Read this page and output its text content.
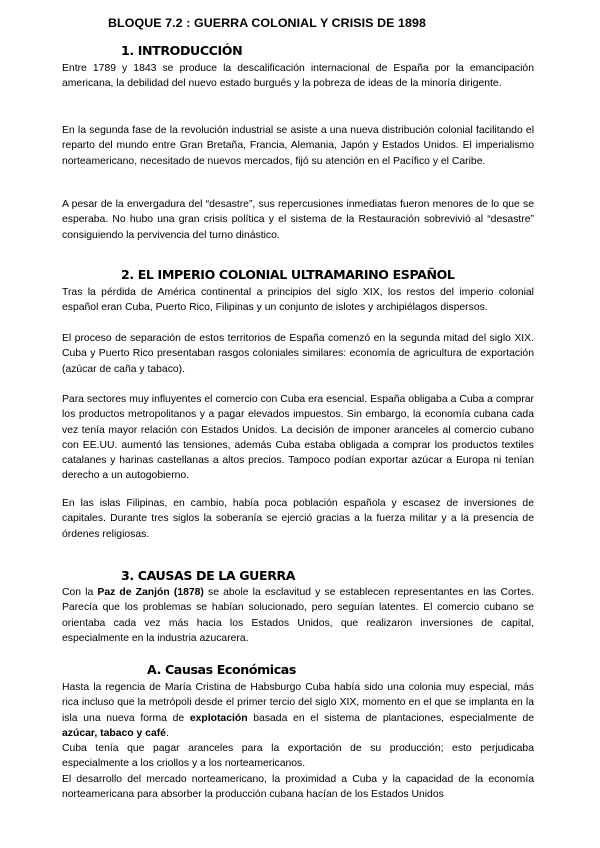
BLOQUE 7.2 : GUERRA COLONIAL Y CRISIS DE 1898
1. INTRODUCCIÓN

Entre 1789 y 1843 se produce la descalificación internacional de España por la emancipación americana, la debilidad del nuevo estado burgués y la pobreza de ideas de la minoría dirigente.

En la segunda fase de la revolución industrial se asiste a una nueva distribución colonial facilitando el reparto del mundo entre Gran Bretaña, Francia, Alemania, Japón y Estados Unidos. El imperialismo norteamericano, necesitado de nuevos mercados, fijó su atención en el Pacífico y el Caribe.

A pesar de la envergadura del “desastre”, sus repercusiones inmediatas fueron menores de lo que se esperaba. No hubo una gran crisis política y el sistema de la Restauración sobrevivió al “desastre” consiguiendo la pervivencia del turno dinástico.

2. EL IMPERIO COLONIAL ULTRAMARINO ESPAÑOL

Tras la pérdida de América continental a principios del siglo XIX, los restos del imperio colonial español eran Cuba, Puerto Rico, Filipinas y un conjunto de islotes y archipiélagos dispersos.

El proceso de separación de estos territorios de España comenzó en la segunda mitad del siglo XIX. Cuba y Puerto Rico presentaban rasgos coloniales similares: economía de agricultura de exportación (azúcar de caña y tabaco).

Para sectores muy influyentes el comercio con Cuba era esencial. España obligaba a Cuba a comprar los productos metropolitanos y a pagar elevados impuestos. Sin embargo, la economía cubana cada vez tenía mayor relación con Estados Unidos. La decisión de imponer aranceles al comercio cubano con EE.UU. aumentó las tensiones, además Cuba estaba obligada a comprar los productos textiles catalanes y harinas castellanas a altos precios. Tampoco podían exportar azúcar a Europa ni tenían derecho a un autogobierno.

En las islas Filipinas, en cambio, había poca población española y escasez de inversiones de capitales. Durante tres siglos la soberanía se ejerció gracias a la fuerza militar y a la presencia de órdenes religiosas.

3. CAUSAS DE LA GUERRA

Con la Paz de Zanjón (1878) se abole la esclavitud y se establecen representantes en las Cortes. Parecía que los problemas se habían solucionado, pero seguían latentes. El comercio cubano se orientaba cada vez más hacia los Estados Unidos, que realizaron inversiones de capital, especialmente en la industria azucarera.

A. Causas Económicas

Hasta la regencia de María Cristina de Habsburgo Cuba había sido una colonia muy especial, más rica incluso que la metrópoli desde el primer tercio del siglo XIX, momento en el que se implanta en la isla una nueva forma de explotación basada en el sistema de plantaciones, especialmente de azúcar, tabaco y café.

Cuba tenía que pagar aranceles para la exportación de su producción; esto perjudicaba especialmente a los criollos y a los norteamericanos.

El desarrollo del mercado norteamericano, la proximidad a Cuba y la capacidad de la economía norteamericana para absorber la producción cubana hacían de los Estados Unidos
